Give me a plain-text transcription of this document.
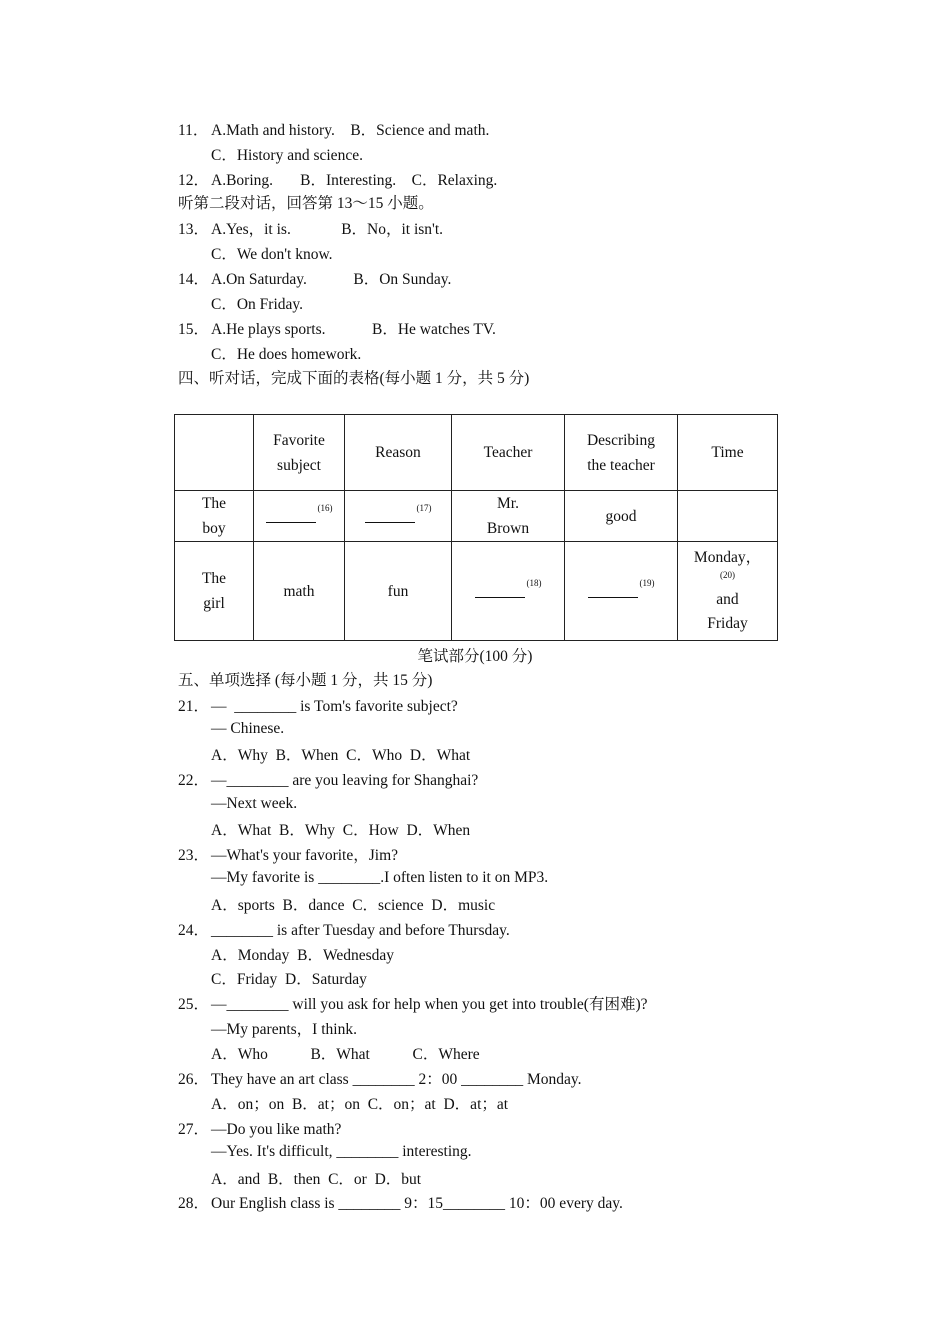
11． A.Math and history.    B．Science and math.
C．History and science.
12． A.Boring.       B．Interesting.    C．Relaxing.
听第二段对话，回答第 13～15 小题。
13． A.Yes，it is.             B．No，it isn't.
C．We don't know.
14． A.On Saturday.            B．On Sunday.
C．On Friday.
15． A.He plays sports.            B．He watches TV.
C．He does homework.
四、听对话，完成下面的表格(每小题 1 分，共 5 分)
	Favorite subject	Reason	Teacher	Describing the teacher	Time
The boy	$^{(16)}$	$^{(17)}$	Mr. Brown	good	
The girl	math	fun	$^{(18)}$	$^{(19)}$	Monday，
(20)
and
Friday
笔试部分(100 分)
五、单项选择 (每小题 1 分，共 15 分)
21． —  ________ is Tom's favorite subject?
— Chinese.
A．Why  B．When  C．Who  D．What
22． —________ are you leaving for Shanghai?
—Next week.
A．What  B．Why  C．How  D．When
23． —What's your favorite，Jim?
—My favorite is ________.I often listen to it on MP3.
A．sports  B．dance  C．science  D．music
24． ________ is after Tuesday and before Thursday.
A．Monday  B．Wednesday
C．Friday  D．Saturday
25． —________ will you ask for help when you get into trouble(有困难)?
—My parents，I think.
A．Who           B．What           C．Where
26． They have an art class ________ 2：00 ________ Monday.
A．on；on  B．at；on  C．on；at  D．at；at
27． —Do you like math?
—Yes. It's difficult, ________ interesting.
A．and  B．then  C．or  D．but
28． Our English class is ________ 9：15________ 10：00 every day.
